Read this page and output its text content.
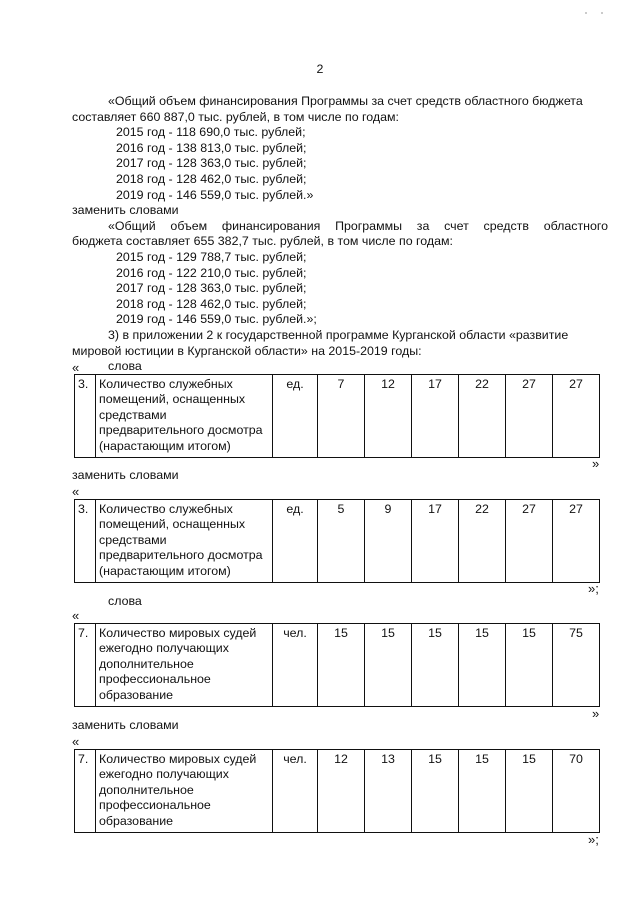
2
«Общий объем финансирования Программы за счет средств областного бюджета
составляет 660 887,0 тыс. рублей, в том числе по годам:
2015 год - 118 690,0 тыс. рублей;
2016 год - 138 813,0 тыс. рублей;
2017 год - 128 363,0 тыс. рублей;
2018 год - 128 462,0 тыс. рублей;
2019 год - 146 559,0 тыс. рублей.»
заменить словами
«Общий объем финансирования Программы за счет средств областного
бюджета составляет 655 382,7 тыс. рублей, в том числе по годам:
2015 год - 129 788,7 тыс. рублей;
2016 год - 122 210,0 тыс. рублей;
2017 год - 128 363,0 тыс. рублей;
2018 год - 128 462,0 тыс. рублей;
2019 год - 146 559,0 тыс. рублей.»;
3) в приложении 2 к государственной программе Курганской области «развитие
мировой юстиции в Курганской области» на 2015-2019 годы:
слова
«
3.	Количество служебных помещений, оснащенных средствами предварительного досмотра (нарастающим итогом)	ед.	7	12	17	22	27	27
»
заменить словами
«
3.	Количество служебных помещений, оснащенных средствами предварительного досмотра (нарастающим итогом)	ед.	5	9	17	22	27	27
»;
слова
«
7.	Количество мировых судей ежегодно получающих дополнительное профессиональное образование	чел.	15	15	15	15	15	75
»
заменить словами
«
7.	Количество мировых судей ежегодно получающих дополнительное профессиональное образование	чел.	12	13	15	15	15	70
»;
